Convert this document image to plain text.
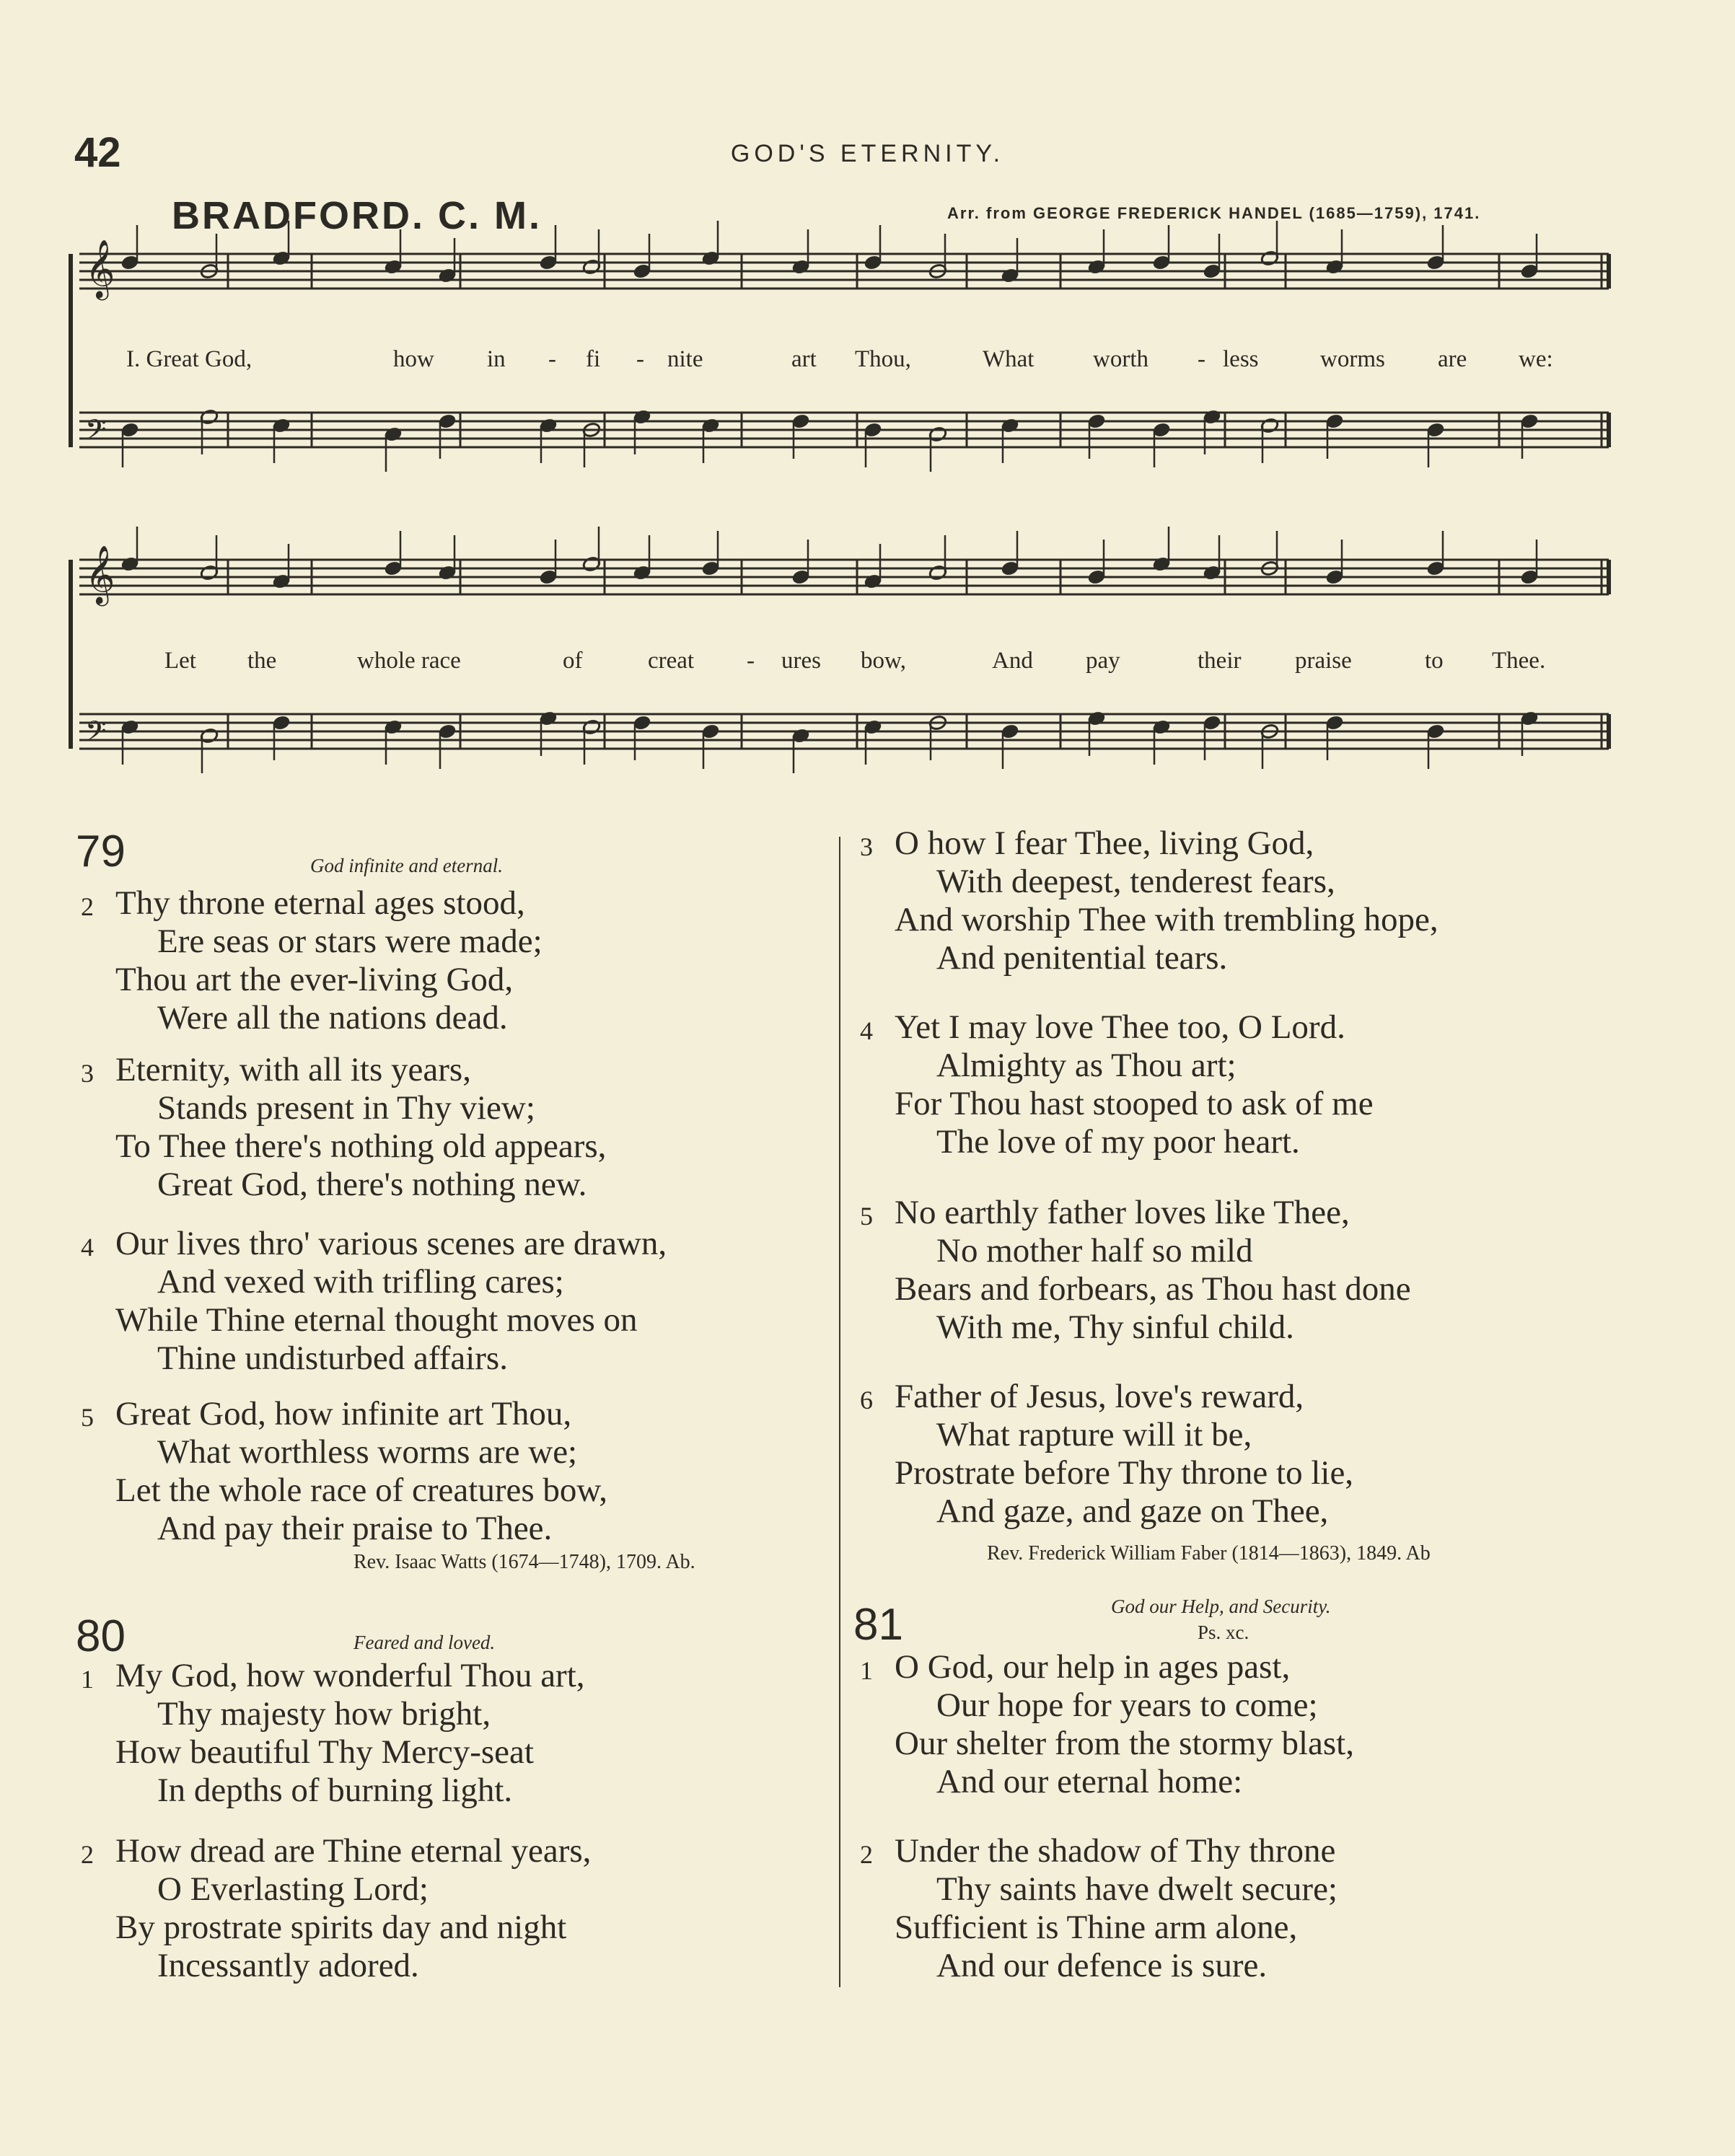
42	GOD'S ETERNITY.
BRADFORD. C. M.	Arr. from GEORGE FREDERICK HANDEL (1685—1759), 1741.
𝄞
𝄢
𝄞
𝄢
I. Great God,	how in - fi - nite	art Thou,	What worth - less	worms are we:
Let the	whole race	of	creat - ures bow,	And pay	their praise	to Thee.
79	God infinite and eternal.
2 Thy throne eternal ages stood,
Ere seas or stars were made;
Thou art the ever-living God,
Were all the nations dead.
3 Eternity, with all its years,
Stands present in Thy view;
To Thee there's nothing old appears,
Great God, there's nothing new.
4 Our lives thro' various scenes are drawn,
And vexed with trifling cares;
While Thine eternal thought moves on
Thine undisturbed affairs.
5 Great God, how infinite art Thou,
What worthless worms are we;
Let the whole race of creatures bow,
And pay their praise to Thee.
Rev. Isaac Watts (1674—1748), 1709. Ab.
80	Feared and loved.
1 My God, how wonderful Thou art,
Thy majesty how bright,
How beautiful Thy Mercy-seat
In depths of burning light.
2 How dread are Thine eternal years,
O Everlasting Lord;
By prostrate spirits day and night
Incessantly adored.
3 O how I fear Thee, living God,
With deepest, tenderest fears,
And worship Thee with trembling hope,
And penitential tears.
4 Yet I may love Thee too, O Lord.
Almighty as Thou art;
For Thou hast stooped to ask of me
The love of my poor heart.
5 No earthly father loves like Thee,
No mother half so mild
Bears and forbears, as Thou hast done
With me, Thy sinful child.
6 Father of Jesus, love's reward,
What rapture will it be,
Prostrate before Thy throne to lie,
And gaze, and gaze on Thee,
Rev. Frederick William Faber (1814—1863), 1849. Ab
81	God our Help, and Security.
Ps. xc.
1 O God, our help in ages past,
Our hope for years to come;
Our shelter from the stormy blast,
And our eternal home:
2 Under the shadow of Thy throne
Thy saints have dwelt secure;
Sufficient is Thine arm alone,
And our defence is sure.
